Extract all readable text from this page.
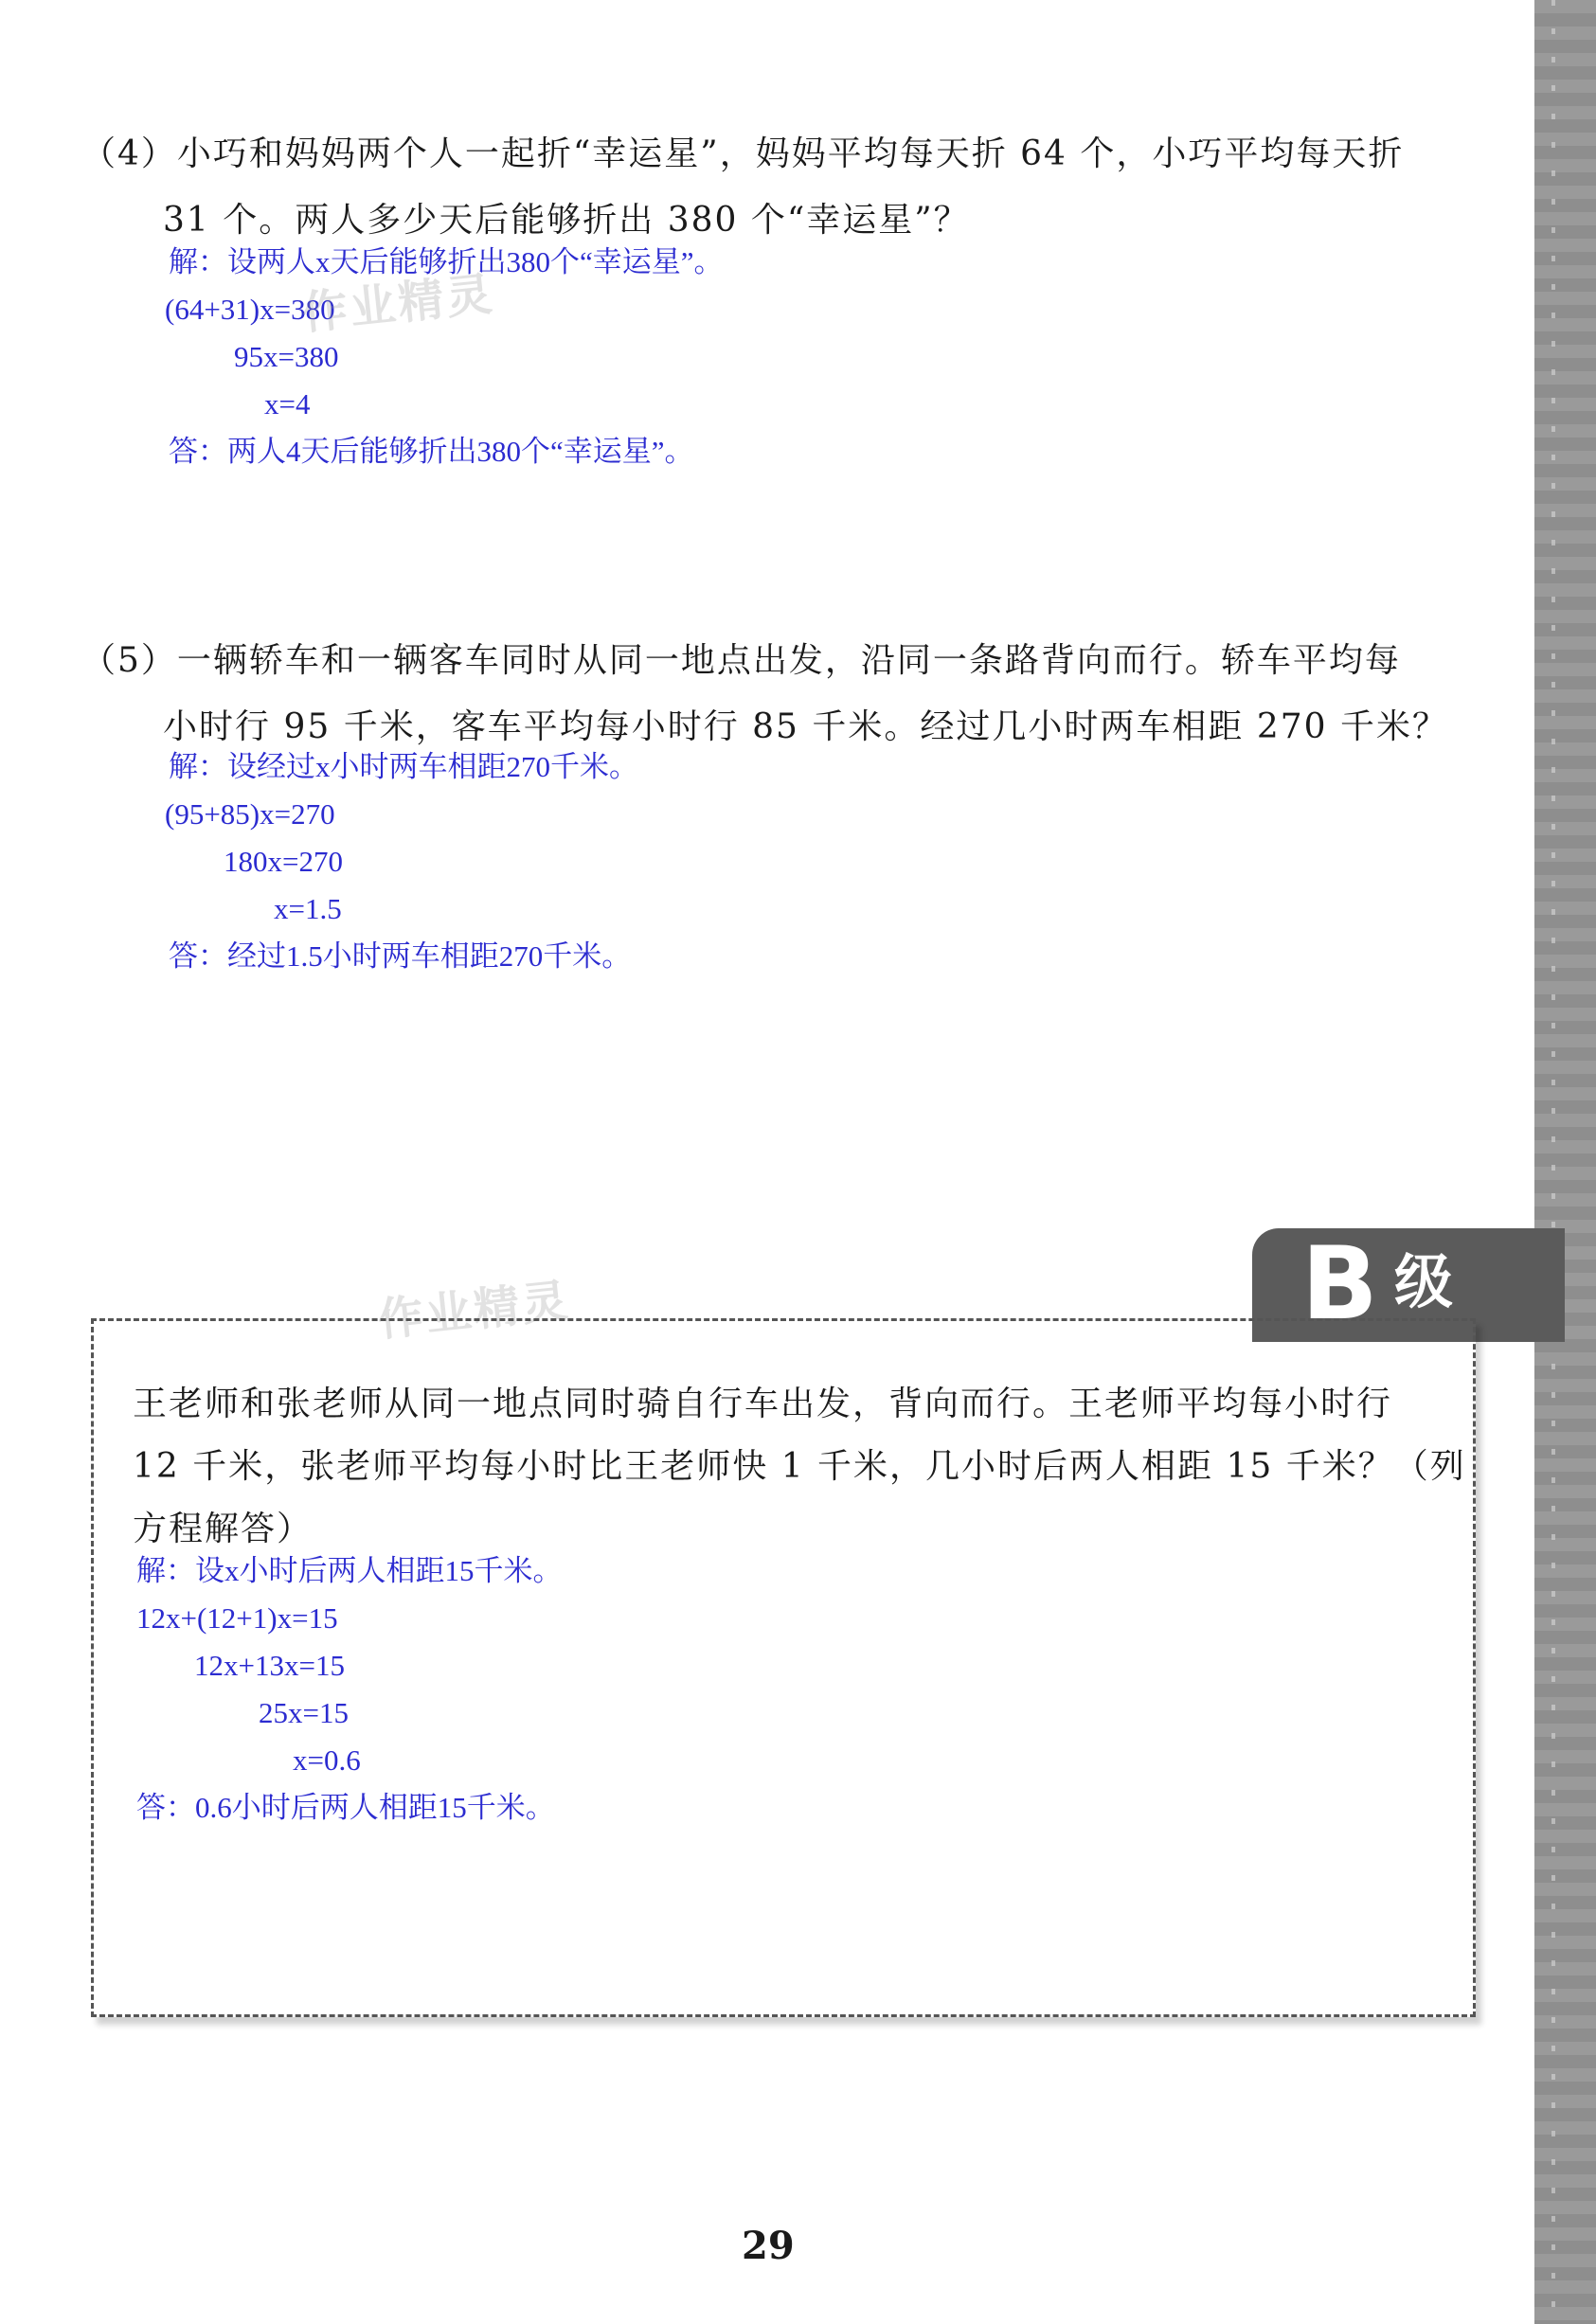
（4）小巧和妈妈两个人一起折“幸运星”，妈妈平均每天折 64 个，小巧平均每天折
31 个。两人多少天后能够折出 380 个“幸运星”？
解：设两人x天后能够折出380个“幸运星”。
(64+31)x=380
95x=380
x=4
答：两人4天后能够折出380个“幸运星”。
作业精灵
（5）一辆轿车和一辆客车同时从同一地点出发，沿同一条路背向而行。轿车平均每
小时行 95 千米，客车平均每小时行 85 千米。经过几小时两车相距 270 千米？
解：设经过x小时两车相距270千米。
(95+85)x=270
180x=270
x=1.5
答：经过1.5小时两车相距270千米。
B 级
作业精灵
王老师和张老师从同一地点同时骑自行车出发，背向而行。王老师平均每小时行
12 千米，张老师平均每小时比王老师快 1 千米，几小时后两人相距 15 千米？（列
方程解答）
解：设x小时后两人相距15千米。
12x+(12+1)x=15
12x+13x=15
25x=15
x=0.6
答：0.6小时后两人相距15千米。
29
